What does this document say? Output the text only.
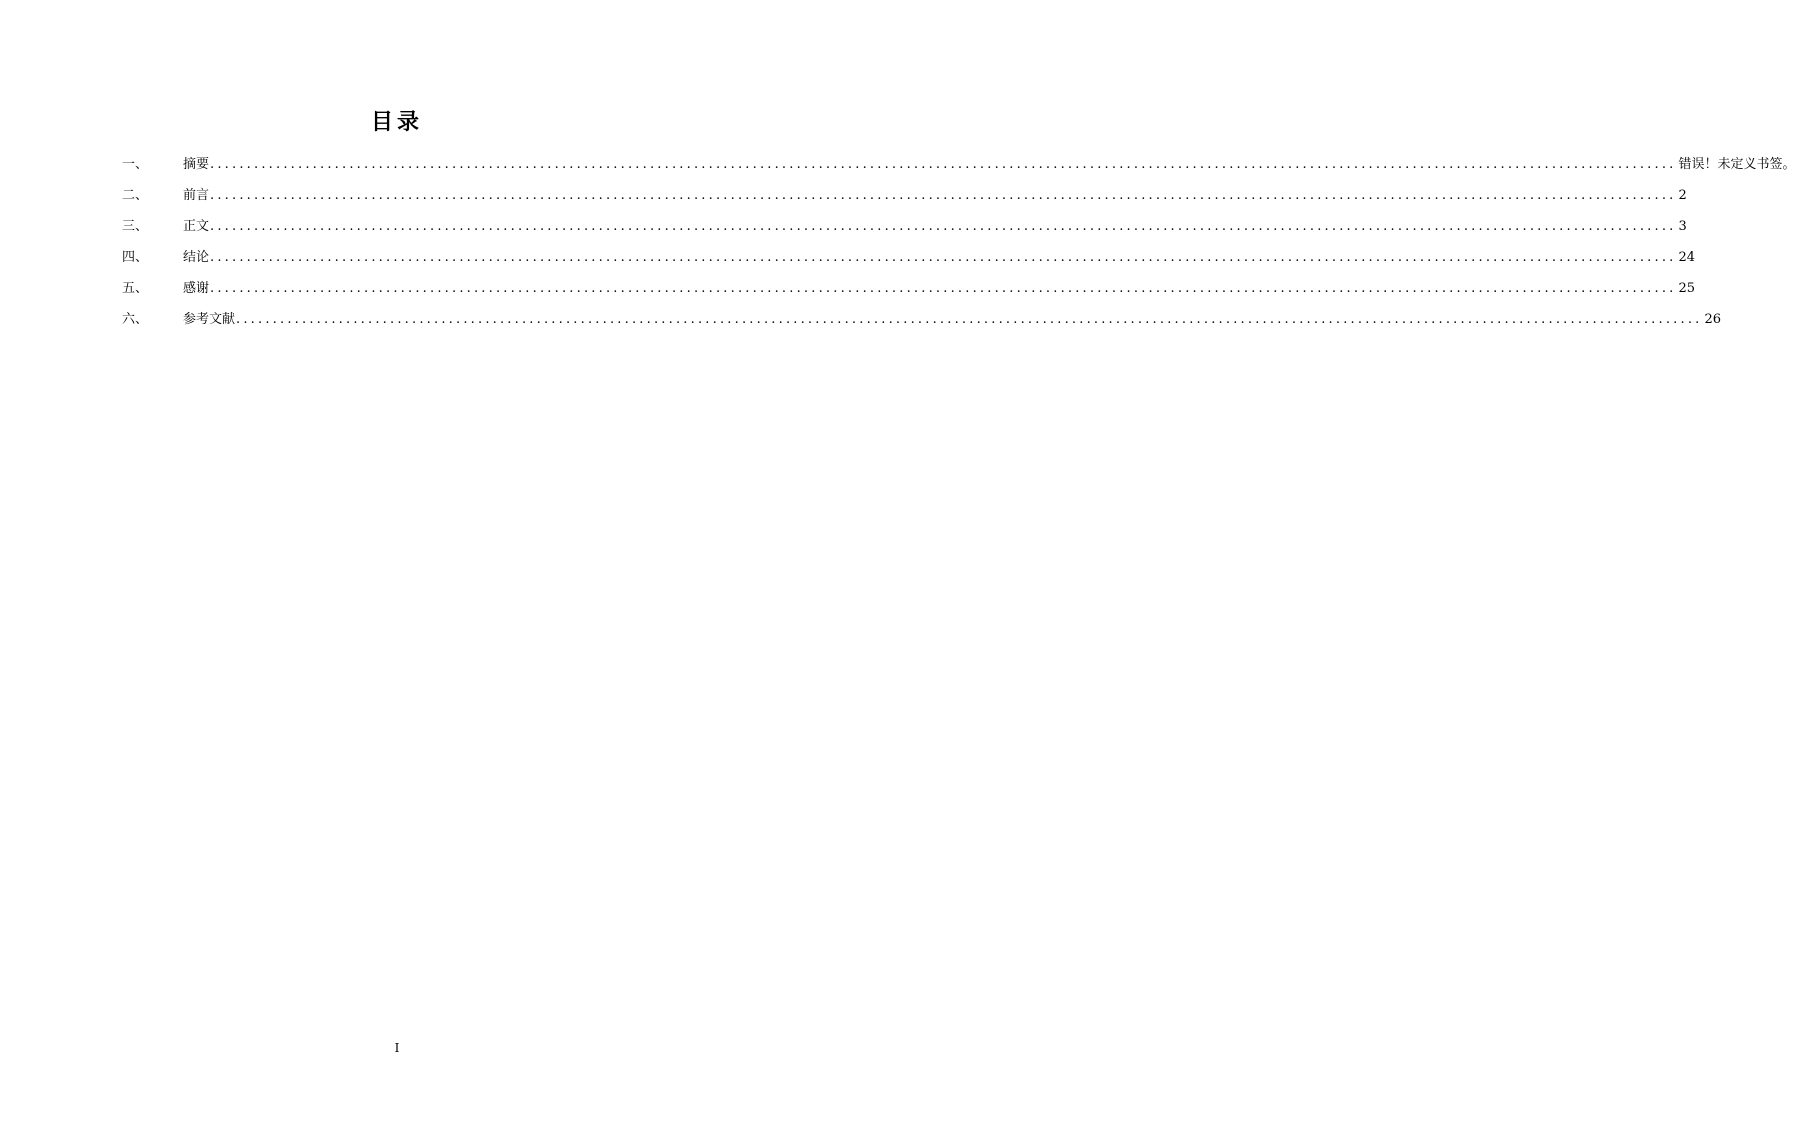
目录
一、	摘要 ........................................................................................................................................................................................................ 错误！未定义书签。
二、	前言 ........................................................................................................................................................................................................ 2
三、	正文 ........................................................................................................................................................................................................ 3
四、	结论 ........................................................................................................................................................................................................ 24
五、	感谢 ........................................................................................................................................................................................................ 25
六、	参考文献 ........................................................................................................................................................................................................ 26
I
